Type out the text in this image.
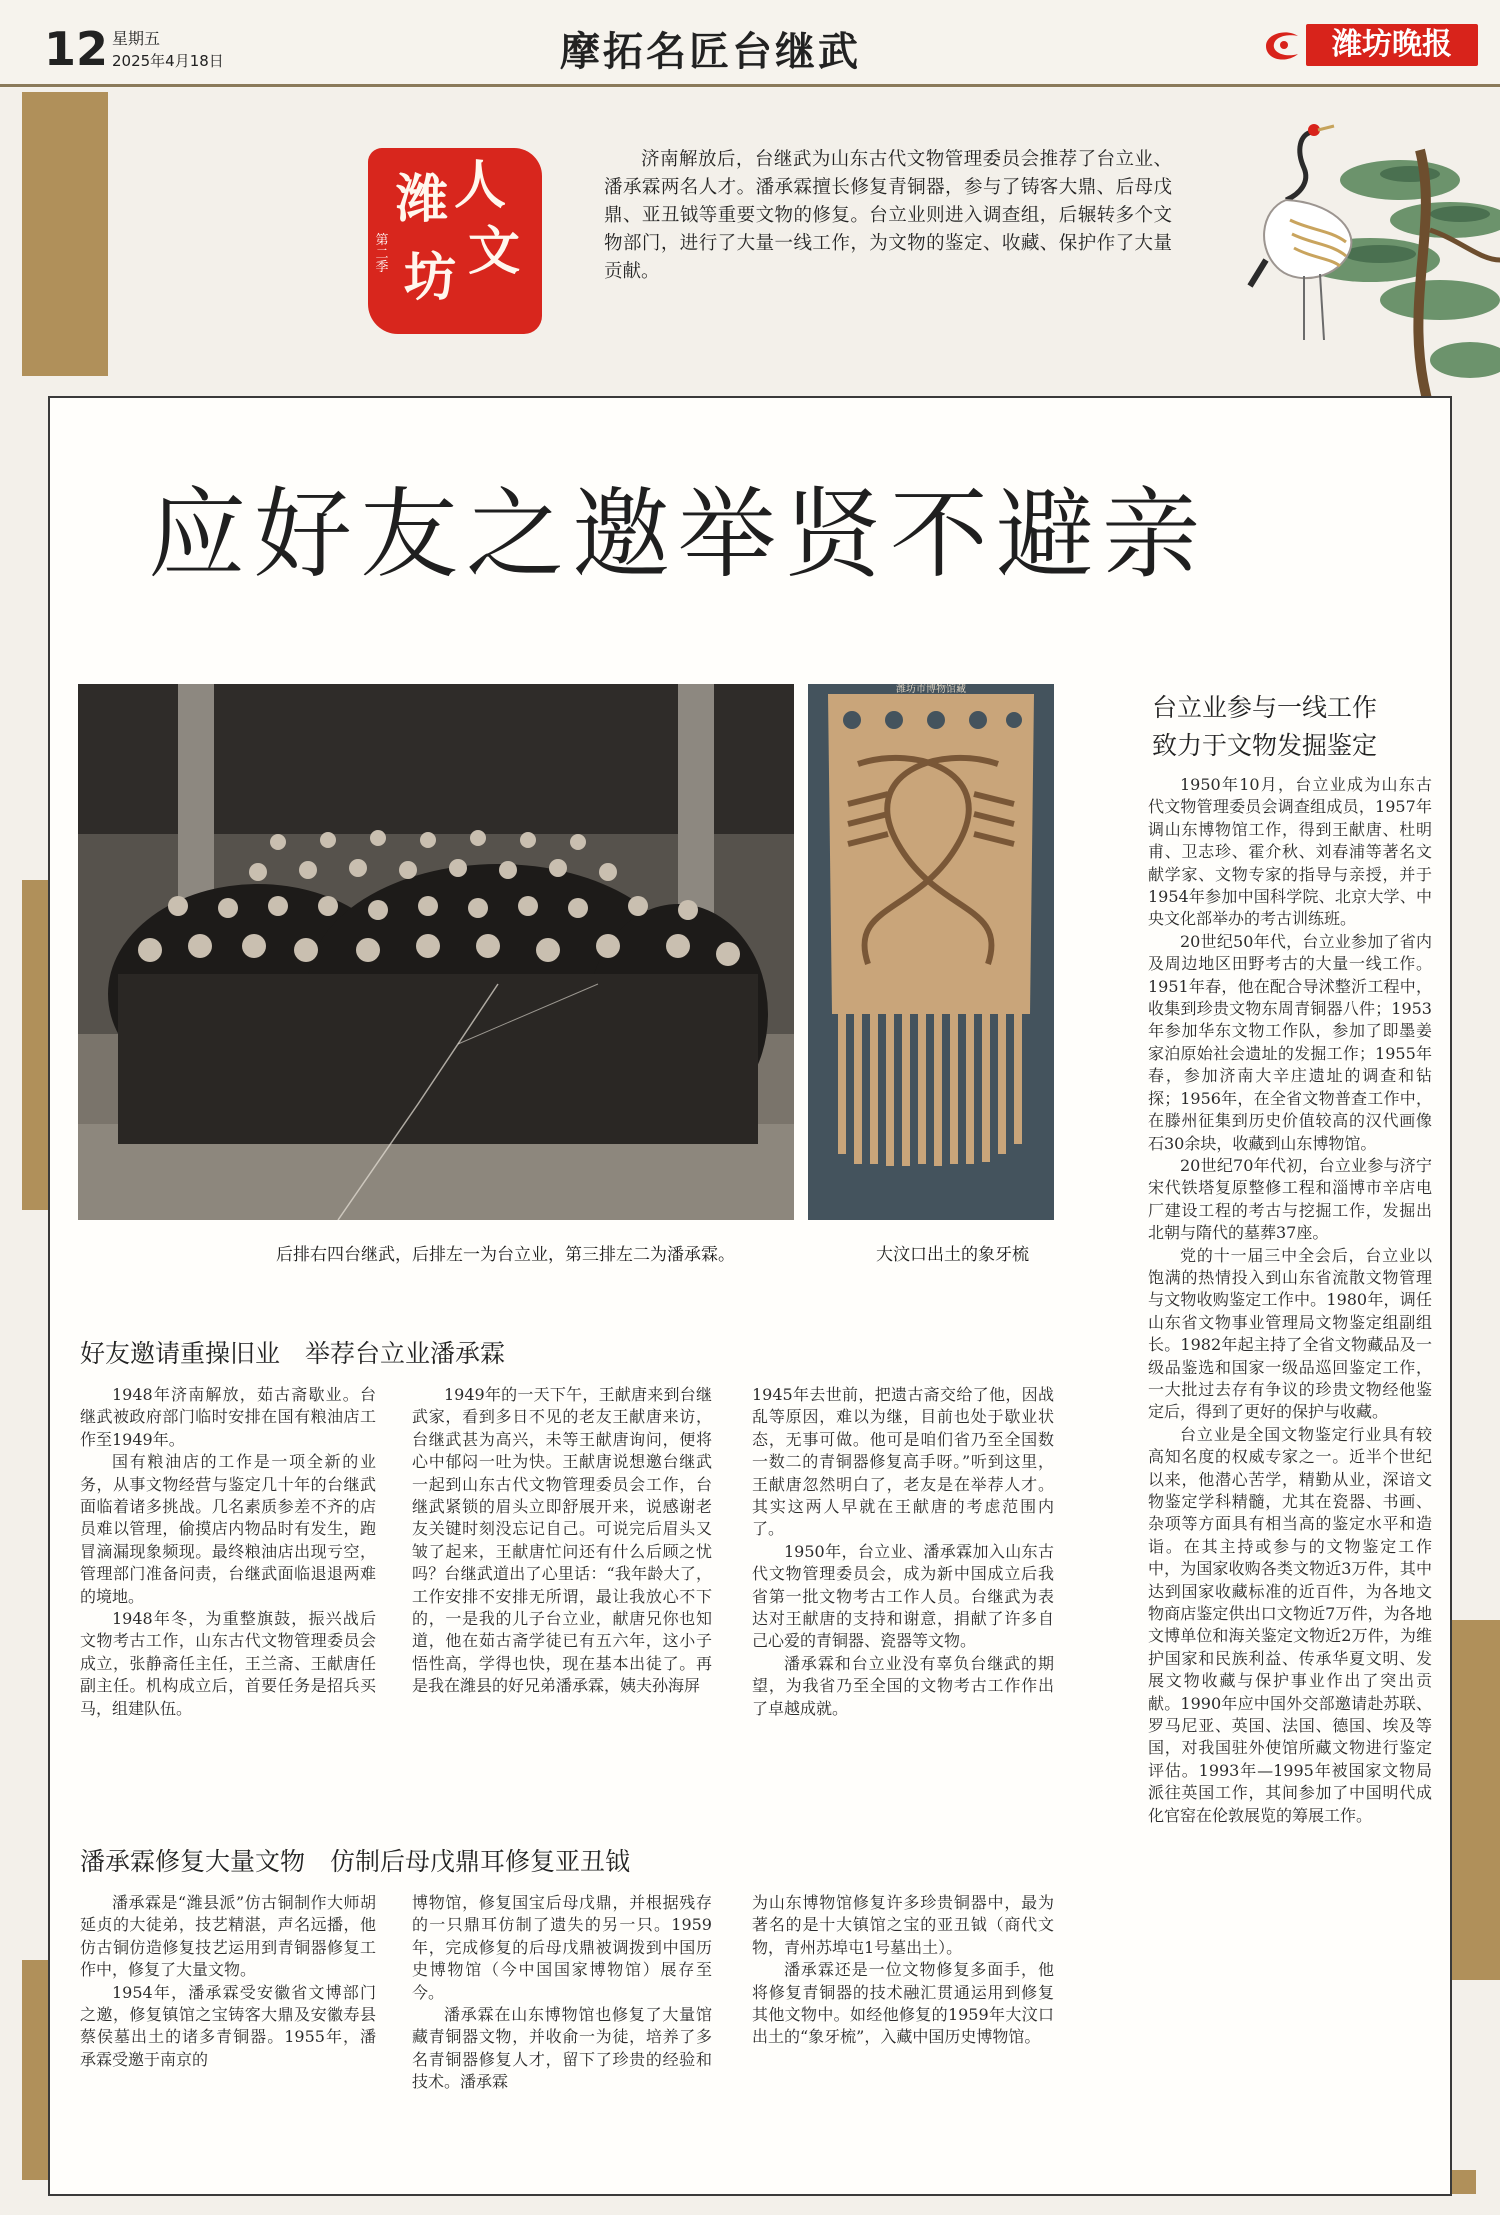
12 星期五
2025年4月18日	摩拓名匠台继武	潍坊晚报
人
潍
文
坊
第二季
济南解放后，台继武为山东古代文物管理委员会推荐了台立业、潘承霖两名人才。潘承霖擅长修复青铜器，参与了铸客大鼎、后母戊鼎、亚丑钺等重要文物的修复。台立业则进入调查组，后辗转多个文物部门，进行了大量一线工作，为文物的鉴定、收藏、保护作了大量贡献。
应好友之邀举贤不避亲
潍坊市博物馆藏
后排右四台继武，后排左一为台立业，第三排左二为潘承霖。	大汶口出土的象牙梳
台立业参与一线工作
致力于文物发掘鉴定

1950年10月，台立业成为山东古代文物管理委员会调查组成员，1957年调山东博物馆工作，得到王献唐、杜明甫、卫志珍、霍介秋、刘春浦等著名文献学家、文物专家的指导与亲授，并于1954年参加中国科学院、北京大学、中央文化部举办的考古训练班。

20世纪50年代，台立业参加了省内及周边地区田野考古的大量一线工作。1951年春，他在配合导沭整沂工程中，收集到珍贵文物东周青铜器八件；1953年参加华东文物工作队，参加了即墨姜家泊原始社会遗址的发掘工作；1955年春，参加济南大辛庄遗址的调查和钻探；1956年，在全省文物普查工作中，在滕州征集到历史价值较高的汉代画像石30余块，收藏到山东博物馆。

20世纪70年代初，台立业参与济宁宋代铁塔复原整修工程和淄博市辛店电厂建设工程的考古与挖掘工作，发掘出北朝与隋代的墓葬37座。

党的十一届三中全会后，台立业以饱满的热情投入到山东省流散文物管理与文物收购鉴定工作中。1980年，调任山东省文物事业管理局文物鉴定组副组长。1982年起主持了全省文物藏品及一级品鉴选和国家一级品巡回鉴定工作，一大批过去存有争议的珍贵文物经他鉴定后，得到了更好的保护与收藏。

台立业是全国文物鉴定行业具有较高知名度的权威专家之一。近半个世纪以来，他潜心苦学，精勤从业，深谙文物鉴定学科精髓，尤其在瓷器、书画、杂项等方面具有相当高的鉴定水平和造诣。在其主持或参与的文物鉴定工作中，为国家收购各类文物近3万件，其中达到国家收藏标准的近百件，为各地文物商店鉴定供出口文物近7万件，为各地文博单位和海关鉴定文物近2万件，为维护国家和民族利益、传承华夏文明、发展文物收藏与保护事业作出了突出贡献。1990年应中国外交部邀请赴苏联、罗马尼亚、英国、法国、德国、埃及等国，对我国驻外使馆所藏文物进行鉴定评估。1993年—1995年被国家文物局派往英国工作，其间参加了中国明代成化官窑在伦敦展览的筹展工作。

好友邀请重操旧业　举荐台立业潘承霖

1948年济南解放，茹古斋歇业。台继武被政府部门临时安排在国有粮油店工作至1949年。

国有粮油店的工作是一项全新的业务，从事文物经营与鉴定几十年的台继武面临着诸多挑战。几名素质参差不齐的店员难以管理，偷摸店内物品时有发生，跑冒滴漏现象频现。最终粮油店出现亏空，管理部门准备问责，台继武面临退退两难的境地。

1948年冬，为重整旗鼓，振兴战后文物考古工作，山东古代文物管理委员会成立，张静斋任主任，王兰斋、王献唐任副主任。机构成立后，首要任务是招兵买马，组建队伍。

1949年的一天下午，王献唐来到台继武家，看到多日不见的老友王献唐来访，台继武甚为高兴，未等王献唐询问，便将心中郁闷一吐为快。王献唐说想邀台继武一起到山东古代文物管理委员会工作，台继武紧锁的眉头立即舒展开来，说感谢老友关键时刻没忘记自己。可说完后眉头又皱了起来，王献唐忙问还有什么后顾之忧吗？台继武道出了心里话：“我年龄大了，工作安排不安排无所谓，最让我放心不下的，一是我的儿子台立业，献唐兄你也知道，他在茹古斋学徒已有五六年，这小子悟性高，学得也快，现在基本出徒了。再是我在潍县的好兄弟潘承霖，姨夫孙海屏

1945年去世前，把遗古斋交给了他，因战乱等原因，难以为继，目前也处于歇业状态，无事可做。他可是咱们省乃至全国数一数二的青铜器修复高手呀。”听到这里，王献唐忽然明白了，老友是在举荐人才。其实这两人早就在王献唐的考虑范围内了。

1950年，台立业、潘承霖加入山东古代文物管理委员会，成为新中国成立后我省第一批文物考古工作人员。台继武为表达对王献唐的支持和谢意，捐献了许多自己心爱的青铜器、瓷器等文物。

潘承霖和台立业没有辜负台继武的期望，为我省乃至全国的文物考古工作作出了卓越成就。

潘承霖修复大量文物　仿制后母戊鼎耳修复亚丑钺

潘承霖是“潍县派”仿古铜制作大师胡延贞的大徒弟，技艺精湛，声名远播，他仿古铜仿造修复技艺运用到青铜器修复工作中，修复了大量文物。

1954年，潘承霖受安徽省文博部门之邀，修复镇馆之宝铸客大鼎及安徽寿县蔡侯墓出土的诸多青铜器。1955年，潘承霖受邀于南京的

博物馆，修复国宝后母戊鼎，并根据残存的一只鼎耳仿制了遗失的另一只。1959年，完成修复的后母戊鼎被调拨到中国历史博物馆（今中国国家博物馆）展存至今。

潘承霖在山东博物馆也修复了大量馆藏青铜器文物，并收俞一为徒，培养了多名青铜器修复人才，留下了珍贵的经验和技术。潘承霖

为山东博物馆修复许多珍贵铜器中，最为著名的是十大镇馆之宝的亚丑钺（商代文物，青州苏埠屯1号墓出土）。

潘承霖还是一位文物修复多面手，他将修复青铜器的技术融汇贯通运用到修复其他文物中。如经他修复的1959年大汶口出土的“象牙梳”，入藏中国历史博物馆。
